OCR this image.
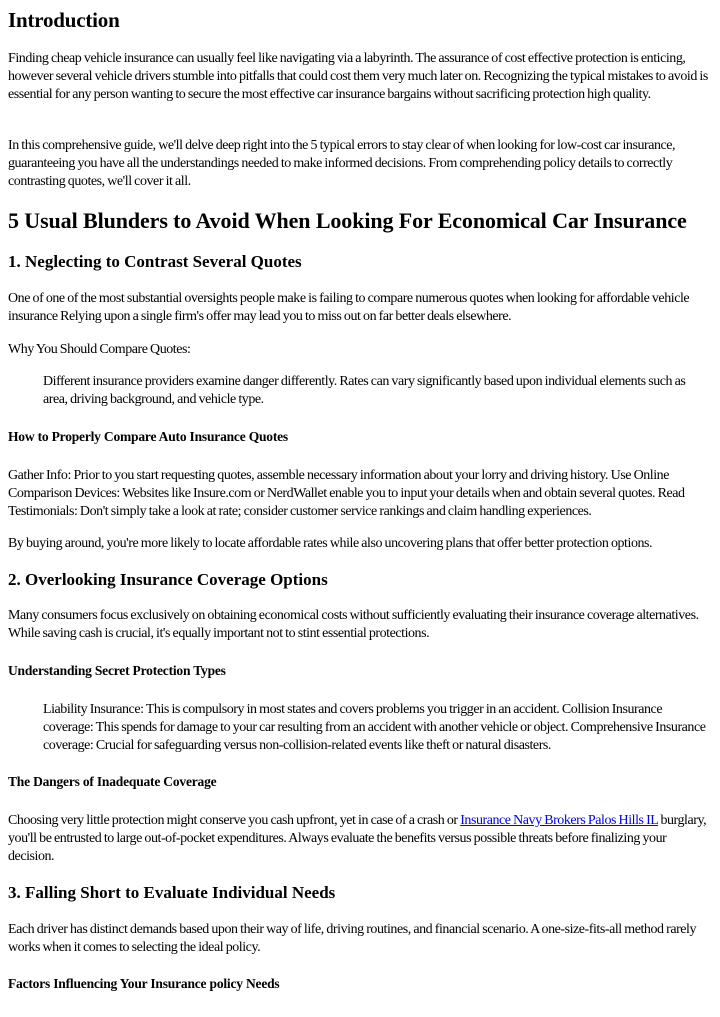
Introduction

Finding cheap vehicle insurance can usually feel like navigating via a labyrinth. The assurance of cost effective protection is enticing, however several vehicle drivers stumble into pitfalls that could cost them very much later on. Recognizing the typical mistakes to avoid is essential for any person wanting to secure the most effective car insurance bargains without sacrificing protection high quality.

In this comprehensive guide, we'll delve deep right into the 5 typical errors to stay clear of when looking for low-cost car insurance, guaranteeing you have all the understandings needed to make informed decisions. From comprehending policy details to correctly contrasting quotes, we'll cover it all.

5 Usual Blunders to Avoid When Looking For Economical Car Insurance
1. Neglecting to Contrast Several Quotes

One of one of the most substantial oversights people make is failing to compare numerous quotes when looking for affordable vehicle insurance Relying upon a single firm's offer may lead you to miss out on far better deals elsewhere.

Why You Should Compare Quotes:

Different insurance providers examine danger differently. Rates can vary significantly based upon individual elements such as area, driving background, and vehicle type.
How to Properly Compare Auto Insurance Quotes

Gather Info: Prior to you start requesting quotes, assemble necessary information about your lorry and driving history. Use Online Comparison Devices: Websites like Insure.com or NerdWallet enable you to input your details when and obtain several quotes. Read Testimonials: Don't simply take a look at rate; consider customer service rankings and claim handling experiences.

By buying around, you're more likely to locate affordable rates while also uncovering plans that offer better protection options.

2. Overlooking Insurance Coverage Options

Many consumers focus exclusively on obtaining economical costs without sufficiently evaluating their insurance coverage alternatives. While saving cash is crucial, it's equally important not to stint essential protections.

Understanding Secret Protection Types
Liability Insurance: This is compulsory in most states and covers problems you trigger in an accident. Collision Insurance coverage: This spends for damage to your car resulting from an accident with another vehicle or object. Comprehensive Insurance coverage: Crucial for safeguarding versus non-collision-related events like theft or natural disasters.
The Dangers of Inadequate Coverage

Choosing very little protection might conserve you cash upfront, yet in case of a crash or Insurance Navy Brokers Palos Hills IL burglary, you'll be entrusted to large out-of-pocket expenditures. Always evaluate the benefits versus possible threats before finalizing your decision.

3. Falling Short to Evaluate Individual Needs

Each driver has distinct demands based upon their way of life, driving routines, and financial scenario. A one-size-fits-all method rarely works when it comes to selecting the ideal policy.

Factors Influencing Your Insurance policy Needs
